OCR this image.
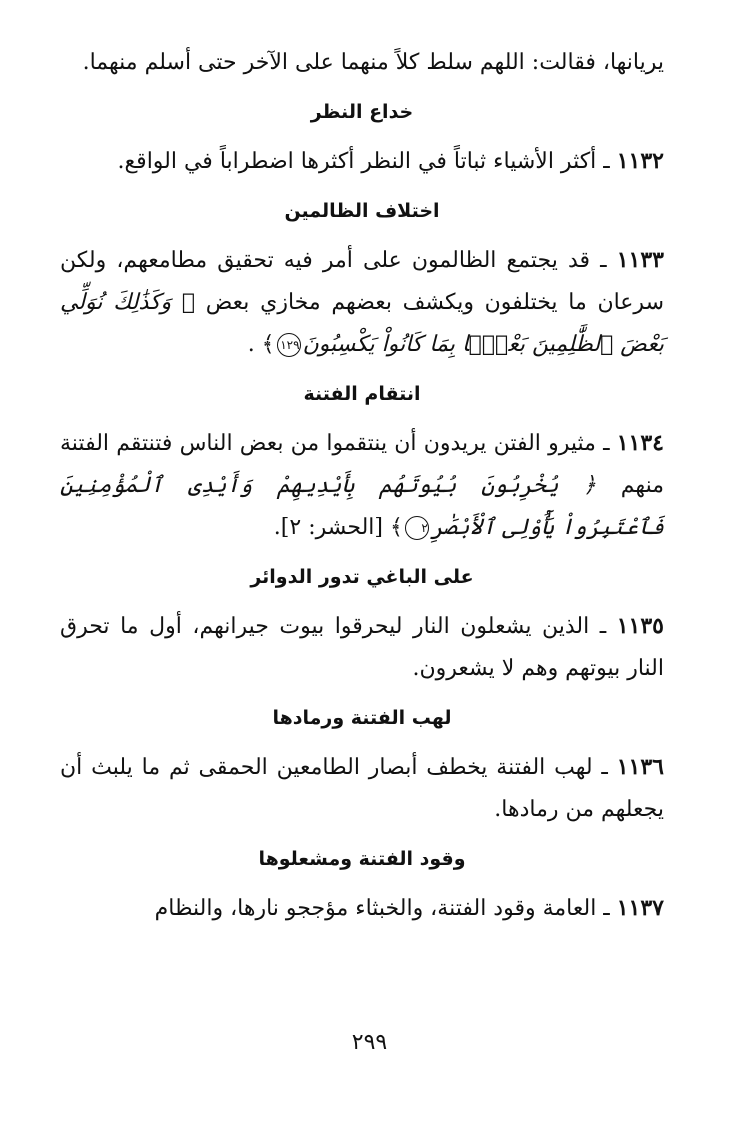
يريانها، فقالت: اللهم سلط كلاً منهما على الآخر حتى أسلم منهما.

خداع النظر

١١٣٢ ـ أكثر الأشياء ثباتاً في النظر أكثرها اضطراباً في الواقع.

اختلاف الظالمين

١١٣٣ ـ قد يجتمع الظالمون على أمر فيه تحقيق مطامعهم، ولكن سرعان ما يختلفون ويكشف بعضهم مخازي بعض ﴿ وَكَذَٰلِكَ نُوَلِّي بَعْضَ ٱلظَّٰلِمِينَ بَعْضًۢا بِمَا كَانُواْ يَكْسِبُونَ١٢٩﴾ .

انتقام الفتنة

١١٣٤ ـ مثيرو الفتن يريدون أن ينتقموا من بعض الناس فتنتقم الفتنة منهم ﴿ يُخْرِبُونَ بُيُوتَهُم بِأَيْدِيهِمْ وَأَيْدِى ٱلْمُؤْمِنِينَ فَٱعْتَبِرُواْ يَٰٓأُوْلِى ٱلْأَبْصَٰرِ٢﴾ [الحشر: ٢].

على الباغي تدور الدوائر

١١٣٥ ـ الذين يشعلون النار ليحرقوا بيوت جيرانهم، أول ما تحرق النار بيوتهم وهم لا يشعرون.

لهب الفتنة ورمادها

١١٣٦ ـ لهب الفتنة يخطف أبصار الطامعين الحمقى ثم ما يلبث أن يجعلهم من رمادها.

وقود الفتنة ومشعلوها

١١٣٧ ـ العامة وقود الفتنة، والخبثاء مؤججو نارها، والنظام

٢٩٩
